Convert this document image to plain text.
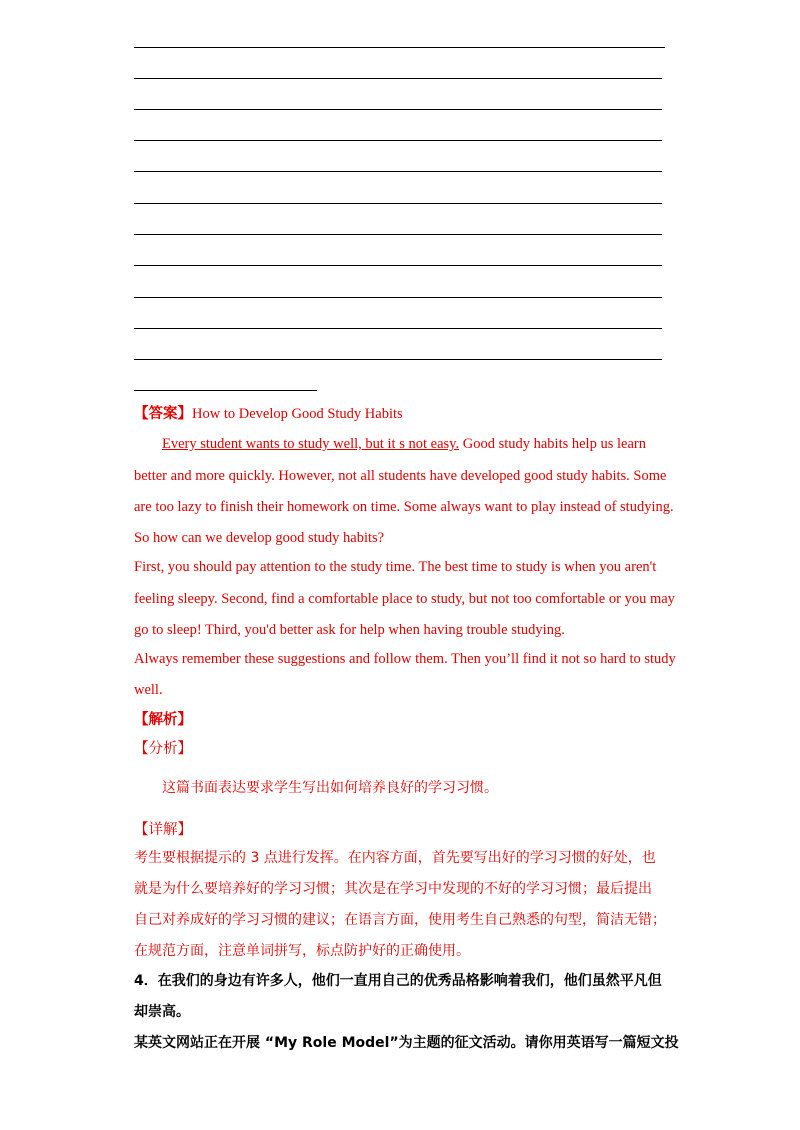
【答案】How to Develop Good Study Habits
Every student wants to study well, but it s not easy. Good study habits help us learn
better and more quickly. However, not all students have developed good study habits. Some
are too lazy to finish their homework on time. Some always want to play instead of studying.
So how can we develop good study habits?
First, you should pay attention to the study time. The best time to study is when you aren't
feeling sleepy. Second, find a comfortable place to study, but not too comfortable or you may
go to sleep! Third, you'd better ask for help when having trouble studying.
Always remember these suggestions and follow them. Then you’ll find it not so hard to study
well.
【解析】
【分析】
这篇书面表达要求学生写出如何培养良好的学习习惯。
【详解】
考生要根据提示的 3 点进行发挥。在内容方面，首先要写出好的学习习惯的好处，也
就是为什么要培养好的学习习惯；其次是在学习中发现的不好的学习习惯；最后提出
自己对养成好的学习习惯的建议；在语言方面，使用考生自己熟悉的句型，简洁无错；
在规范方面，注意单词拼写，标点防护好的正确使用。
4．在我们的身边有许多人，他们一直用自己的优秀品格影响着我们，他们虽然平凡但
却崇高。
某英文网站正在开展 “My Role Model”为主题的征文活动。请你用英语写一篇短文投
